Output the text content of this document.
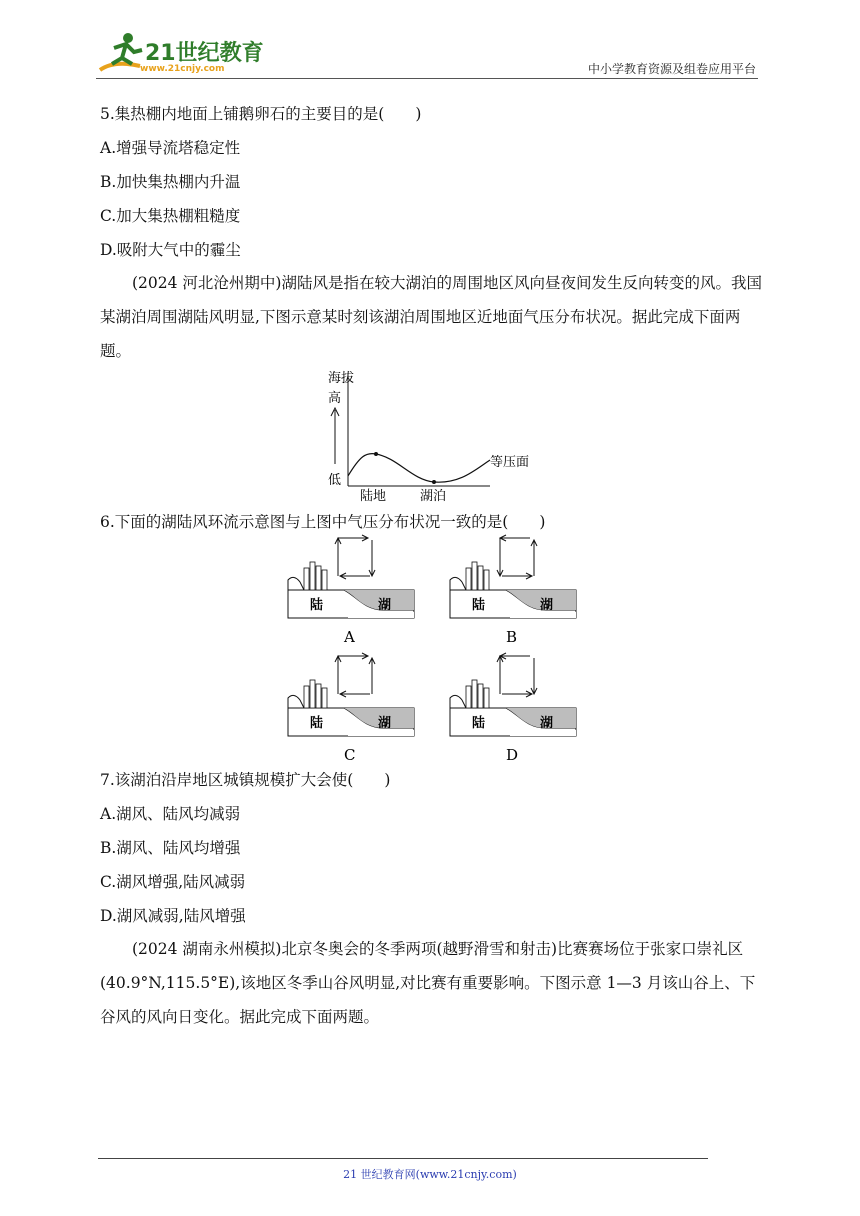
21世纪教育
www.21cnjy.com	中小学教育资源及组卷应用平台
5.集热棚内地面上铺鹅卵石的主要目的是(　　)
A.增强导流塔稳定性
B.加快集热棚内升温
C.加大集热棚粗糙度
D.吸附大气中的霾尘
(2024 河北沧州期中)湖陆风是指在较大湖泊的周围地区风向昼夜间发生反向转变的风。我国某湖泊周围湖陆风明显,下图示意某时刻该湖泊周围地区近地面气压分布状况。据此完成下面两题。
海拔
高
低
等压面
陆地	湖泊
6.下面的湖陆风环流示意图与上图中气压分布状况一致的是(　　)
陆	湖
A
陆	湖
B
陆	湖
C
陆	湖
D
7.该湖泊沿岸地区城镇规模扩大会使(　　)
A.湖风、陆风均减弱
B.湖风、陆风均增强
C.湖风增强,陆风减弱
D.湖风减弱,陆风增强
(2024 湖南永州模拟)北京冬奥会的冬季两项(越野滑雪和射击)比赛赛场位于张家口崇礼区(40.9°N,115.5°E),该地区冬季山谷风明显,对比赛有重要影响。下图示意 1—3 月该山谷上、下谷风的风向日变化。据此完成下面两题。
21 世纪教育网(www.21cnjy.com)
